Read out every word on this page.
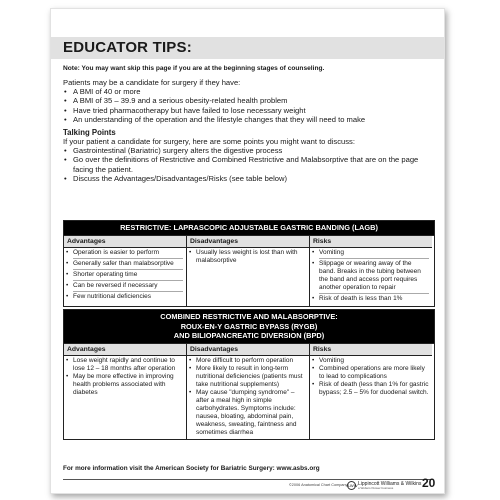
EDUCATOR TIPS:

Note: You may want skip this page if you are at the beginning stages of counseling.

Patients may be a candidate for surgery if they have:

• A BMI of 40 or more
• A BMI of 35 – 39.9 and a serious obesity-related health problem
• Have tried pharmacotherapy but have failed to lose necessary weight
• An understanding of the operation and the lifestyle changes that they will need to make
Talking Points

If your patient a candidate for surgery, here are some points you might want to discuss:

• Gastrointestinal (Bariatric) surgery alters the digestive process
• Go over the definitions of Restrictive and Combined Restrictive and Malabsorptive that are on the page facing the patient.
• Discuss the Advantages/Disadvantages/Risks (see table below)
RESTRICTIVE: LAPRASCOPIC ADJUSTABLE GASTRIC BANDING (LAGB)
Advantages
• Operation is easier to perform
• Generally safer than malabsorptive
• Shorter operating time
• Can be reversed if necessary
• Few nutritional deficiencies
Disadvantages
• Usually less weight is lost than with malabsorptive
Risks
• Vomiting
• Slippage or wearing away of the band. Breaks in the tubing between the band and access port requires another operation to repair
• Risk of death is less than 1%
COMBINED RESTRICTIVE AND MALABSORPTIVE:
ROUX-EN-Y GASTRIC BYPASS (RYGB)
AND BILIOPANCREATIC DIVERSION (BPD)
Advantages
• Lose weight rapidly and continue to lose 12 – 18 months after operation
• May be more effective in improving health problems associated with diabetes
Disadvantages
• More difficult to perform operation
• More likely to result in long-term nutritional deficiencies (patients must take nutritional supplements)
• May cause "dumping syndrome" – after a meal high in simple carbohydrates. Symptoms include: nausea, bloating, abdominal pain, weakness, sweating, faintness and sometimes diarrhea
Risks
• Vomiting
• Combined operations are more likely to lead to complications
• Risk of death (less than 1% for gastric bypass; 2.5 – 5% for duodenal switch.
For more information visit the American Society for Bariatric Surgery: www.asbs.org
©2006 Anatomical Chart Company LWW Lippincott Williams & Wilkins
a Wolters Kluwer business	20
